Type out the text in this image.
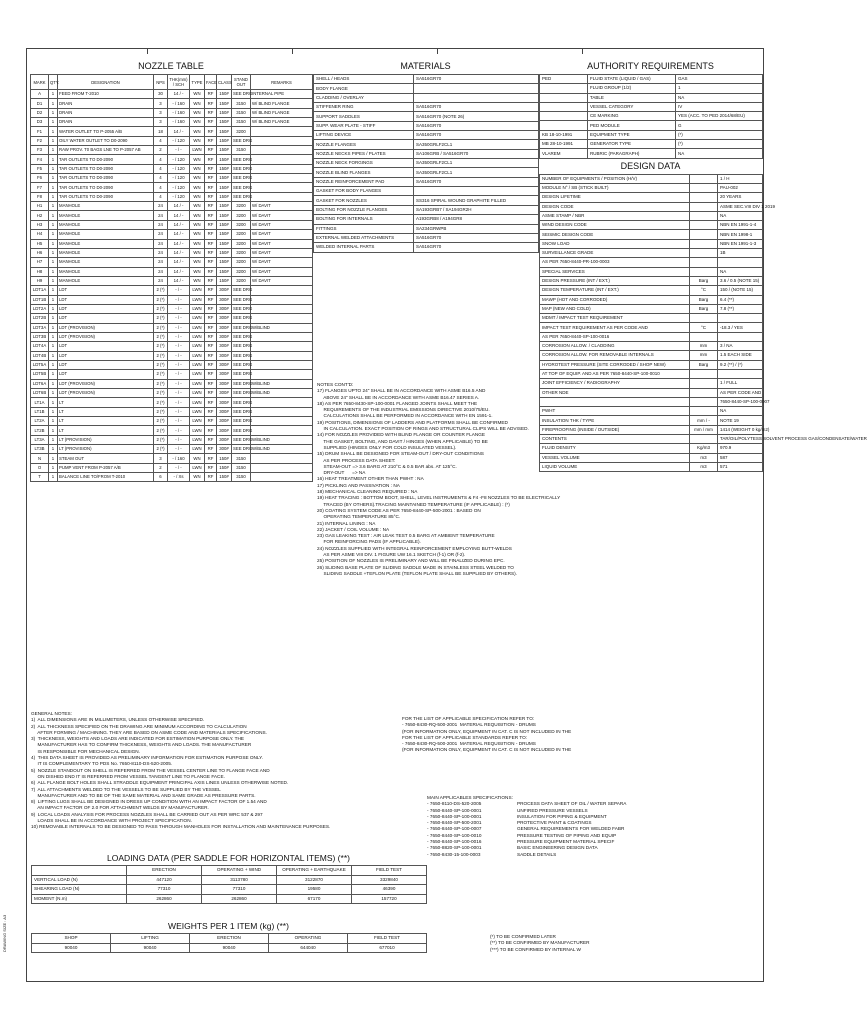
NOZZLE TABLE
MARK	QTY.	DESIGNATION	NPS	THK(mm) / SCH	TYPE	FACE	CLASS	STAND OUT	REMARKS
A	1	FEED FROM T-2010	30	14 / -	WN	RF	150#	SEE DRG	INTERNAL PIPE
D1	1	DRAIN	3	- / 160	WN	RF	150#	3150	W/ BLIND FLANGE
D2	1	DRAIN	3	- / 160	WN	RF	150#	3150	W/ BLIND FLANGE
D3	1	DRAIN	3	- / 160	WN	RF	150#	3150	W/ BLIND FLANGE
F1	1	WATER OUTLET TO P-2055 A/B	18	14 / -	WN	RF	150#	3200	
F2	1	OILY WATER OUTLET TO D0-2090	4	- / 120	WN	RF	150#	SEE DRG	
F3	1	RAW PROV. T0 BAGS LNE TO P-2057 AB	2	- / -	LWN	RF	150#	3150	
F4	1	TAR OUTLETS TO D0-2090	4	- / 120	WN	RF	150#	SEE DRG	
F5	1	TAR OUTLETS TO D0-2090	4	- / 120	WN	RF	150#	SEE DRG	
F6	1	TAR OUTLETS TO D0-2090	4	- / 120	WN	RF	150#	SEE DRG	
F7	1	TAR OUTLETS TO D0-2090	4	- / 120	WN	RF	150#	SEE DRG	
F8	1	TAR OUTLETS TO D0-2090	4	- / 120	WN	RF	150#	SEE DRG	
H1	1	MANHOLE	24	14 / -	WN	RF	150#	3200	W/ DAVIT
H2	1	MANHOLE	24	14 / -	WN	RF	150#	3200	W/ DAVIT
H3	1	MANHOLE	24	14 / -	WN	RF	150#	3200	W/ DAVIT
H4	1	MANHOLE	24	14 / -	WN	RF	150#	3200	W/ DAVIT
H5	1	MANHOLE	24	14 / -	WN	RF	150#	3200	W/ DAVIT
H6	1	MANHOLE	24	14 / -	WN	RF	150#	3200	W/ DAVIT
H7	1	MANHOLE	24	14 / -	WN	RF	150#	3200	W/ DAVIT
H8	1	MANHOLE	24	14 / -	WN	RF	150#	3200	W/ DAVIT
H9	1	MANHOLE	24	14 / -	WN	RF	150#	3200	W/ DAVIT
LDT1A	1	LDT	2 (*)	- / -	LWN	RF	300#	SEE DRG	
LDT1B	1	LDT	2 (*)	- / -	LWN	RF	300#	SEE DRG	
LDT2A	1	LDT	2 (*)	- / -	LWN	RF	300#	SEE DRG	
LDT2B	1	LDT	2 (*)	- / -	LWN	RF	300#	SEE DRG	
LDT3A	1	LDT (PROVISION)	2 (*)	- / -	LWN	RF	300#	SEE DRG	W/BLIND
LDT3B	1	LDT (PROVISION)	2 (*)	- / -	LWN	RF	300#	SEE DRG	
LDT4A	1	LDT	2 (*)	- / -	LWN	RF	300#	SEE DRG	
LDT4B	1	LDT	2 (*)	- / -	LWN	RF	300#	SEE DRG	
LDT5A	1	LDT	2 (*)	- / -	LWN	RF	300#	SEE DRG	
LDT5B	1	LDT	2 (*)	- / -	LWN	RF	300#	SEE DRG	
LDT6A	1	LDT (PROVISION)	2 (*)	- / -	LWN	RF	300#	SEE DRG	W/BLIND
LDT6B	1	LDT (PROVISION)	2 (*)	- / -	LWN	RF	300#	SEE DRG	W/BLIND
LT1A	1	LT	2 (*)	- / -	LWN	RF	300#	SEE DRG	
LT1B	1	LT	2 (*)	- / -	LWN	RF	300#	SEE DRG	
LT2A	1	LT	2 (*)	- / -	LWN	RF	300#	SEE DRG	
LT2B	1	LT	2 (*)	- / -	LWN	RF	300#	SEE DRG	
LT3A	1	LT (PROVISION)	2 (*)	- / -	LWN	RF	300#	SEE DRG	W/BLIND
LT3B	1	LT (PROVISION)	2 (*)	- / -	LWN	RF	300#	SEE DRG	W/BLIND
N	1	STEAM OUT	3	- / 160	WN	RF	150#	3150	
O	1	PUMP VENT FROM P-2057 A/B	2	- / -	LWN	RF	150#	3150	
T	1	BALANCE LINE TO/FROM T-2010	6	- / Xs	WN	RF	150#	3150	
MATERIALS
SHELL / HEADS	SA516GR70
BODY FLANGE	
CLADDING / OVERLAY	
STIFFENER RING	SA516GR70
SUPPORT SADDLES	SA516GR70 (NOTE 26)
SUPP. WEAR PLATE - STIFF	SA516GR70
LIFTING DEVICE	SA516GR70
NOZZLE FLANGES	SA350GRLF2CL1
NOZZLE NECKS PIPES / PLATES	SA106GRB / SA516GR70
NOZZLE NECK FORGINGS	SA350GRLF2CL1
NOZZLE BLIND FLANGES	SA350GRLF2CL1
NOZZLE REINFORCEMENT PAD	SA516GR70
GASKET FOR BODY FLANGES	
GASKET FOR NOZZLES	SS316 SPIRAL WOUND GRAPHITE FILLED
BOLTING FOR NOZZLE FLANGES	SA193GRB7 / SA194GR2H
BOLTING FOR INTERNALS	A193GRB8 / A194GR8
FITTINGS	SA234GRWPB
EXTERNAL WELDED ATTACHMENTS	SA516GR70
WELDED INTERNAL PARTS	SA516GR70
AUTHORITY REQUIREMENTS
PED	FLUID STATE (LIQUID / GAS)	GAS
	FLUID GROUP (1/2)	1
	TABLE	NA
	VESSEL CATEGORY	IV
	CE MARKING	YES (ACC. TO PED 2014/68/EU)
	PED MODULE	G
KB 18-10-1991	EQUIPMENT TYPE	(*)
MB 28-10-1991	GENERATOR TYPE	(*)
VLAREM	RUBRIC (PARAGRAPH)	NA
DESIGN DATA
NUMBER OF EQUIPMENTS / POSITION (H/V)		1 / H
MODULE N° / SB (STICK BUILT)		PAU-002
DESIGN LIFETIME		20 YEARS
DESIGN CODE		ASME SEC.VIII DIV 1 2019
ASME STAMP / NBR		NA
WIND DESIGN CODE		NBN EN 1991-1-4
SEISMIC DESIGN CODE		NBN EN 1998-1
SNOW LOAD		NBN EN 1991-1-3
SURVEILLANCE GRADE		1B
AS PER 7650-8440-PR-100-0003		
SPECIAL SERVICES		NA
DESIGN PRESSURE (INT / EXT.)	Barg	3.6 / 0.5 (NOTE 15)
DESIGN TEMPERATURE (INT / EXT.)	°C	150 / (NOTE 15)
MAWP (HOT AND CORRODED)	Barg	6.4 (**)
MAP (NEW AND COLD)	Barg	7.8 (**)
MDMT / IMPACT TEST REQUIREMENT		
IMPACT TEST REQUIREMENT AS PER CODE AND	°C	-18.3 / YES
AS PER 7650-8440-SP-100-0016		
CORROSION ALLOW. / CLADDING	mm	3 / NA
CORROSION ALLOW. FOR REMOVABLE INTERNALS	mm	1.5 EACH SIDE
HYDROTEST PRESSURE (SITE CORRODED / SHOP NEW)	Barg	9.2 (**) / (*)
AT TOP OF EQUIP. AND AS PER 7650-8440-SP-100-0010		
JOINT EFFICIENCY / RADIOGRAPHY		1 / FULL
OTHER NDE		AS PER CODE AND
		7650-8440-SP-100-0007
PWHT		NA
INSULATION THK / TYPE	mm / -	NOTE 19
FIREPROOFING (INSIDE / OUTSIDE)	mm / mm	1414 (WEIGHT 0 kg/m2)
CONTENTS		TAR/OIL/POLYTESS SOLVENT PROCESS GAS/CONDENSATE/WATER
FLUID DENSITY	Kg/m3	970.9
VESSEL VOLUME	m3	587
LIQUID VOLUME	m3	571
NOTES CONT'D:
17) FLANGES UPTO 24" SHALL BE IN ACCORDANCE WITH ASME B16.5 AND
ABOVE 24" SHALL BE IN ACCORDANCE WITH ASME B16.47 SERIES A.
18) AS PER 7650-8430-SP-100-0001 FLANGED JOINTS SHALL MEET THE
REQUIREMENTS OF THE INDUSTRIAL EMISSIONS DIRECTIVE 2010/75/EU.
CALCULATIONS SHALL BE PERFORMED IN ACCORDANCE WITH EN 1591-1.
19) POSITIONS, DIMENSIONS OF LADDERS AND PLATFORMS SHALL BE CONFIRMED
IN CALCULATION. EXACT POSITION OF RINGS AND STRUCTURAL CLIPS WILL BE ADVISED.
14) FOR NOZZLES PROVIDED WITH BLIND FLANGE OR COUNTER FLANGE
THE GASKET, BOLTING, AND DAVIT / HINGES (WHEN APPLICABLE) TO BE
SUPPLIED (HINGES ONLY FOR COLD INSULATED VESSEL).
15) DRUM SHALL BE DESIGNED FOR STEAM-OUT / DRY-OUT CONDITIONS
AS PER PROCESS DATA SHEET:
STEAM-OUT => 3.6 BARG AT 210°C & 0.5 BAR abs. AT 125°C.
DRY-OUT      => NA
16) HEAT TREATMENT OTHER THAN PWHT : NA
17) PICKLING AND PASSIVATION : NA
18) MECHANICAL CLEANING REQUIRED : NA
19) HEAT TRACING : BOTTOM BOOT, SHELL, LEVEL INSTRUMENTS & F4 -F8 NOZZLES TO BE ELECTRICALLY
TRACED (BY OTHERS).TRACING MAINTAINED TEMPERATURE (IF APPLICABLE) : (*)
20) COATING SYSTEM CODE AS PER 7650-8440-SP-500-2001 : BASED ON
OPERATING TEMPERATURE 85°C.
21) INTERNAL LINING : NA
22) JACKET / COIL VOLUME : NA
23) GAS LEAKING TEST : AIR LEAK TEST 0.5 BARG AT AMBIENT TEMPERATURE
FOR REINFORCING PADS (IF APPLICABLE).
24) NOZZLES SUPPLIED WITH INTEGRAL REINFORCEMENT EMPLOYING BUTT-WELDS
AS PER ASME VIII DIV. 1 FIGURE UW 16.1 SKETCH (f-1) OR (f-2).
25) POSITION OF NOZZLES IS PRELIMINARY AND WILL BE FINALIZED DURING EPC.
26) SLIDING BASE PLATE OF SLIDING SADDLE MADE IN STAINLESS STEEL WELDED TO
SLIDING SADDLE +TEFLON PLATE (TEFLON PLATE SHALL BE SUPPLIED BY OTHERS).
GENERAL NOTES:
1)  ALL DIMENSIONS ARE IN MILLIMETERS, UNLESS OTHERWISE SPECIFIED.
2)  ALL THICKNESS SPECIFIED ON THE DRAWING ARE MINIMUM ACCORDING TO CALCULATION
AFTER FORMING / MACHINING. THEY ARE BASED ON ASME CODE AND MATERIALS SPECIFICATIONS.
3)  THICKNESS, WEIGHTS AND LOADS ARE INDICATED FOR ESTIMATION PURPOSE ONLY. THE
MANUFACTURER HAS TO CONFIRM THICKNESS, WEIGHTS AND LOADS. THE MANUFACTURER
IS RESPONSIBLE FOR MECHANICAL DESIGN.
4)  THIS DATA SHEET IS PROVIDED AS PRELIMINARY INFORMATION FOR ESTIMATION PURPOSE ONLY.
IT IS COMPLEMENTARY TO PDS No. 7650-8110-DS-520-2005.
5)  NOZZLE STANDOUT ON SHELL IS REFERRED FROM THE VESSEL CENTER LINE TO FLANGE FACE AND
ON DISHED END IT IS REFERRED FROM VESSEL TANGENT LINE TO FLANGE FACE.
6)  ALL FLANGE BOLT HOLES SHALL STRADDLE EQUIPMENT PRINCIPAL AXIS LINES UNLESS OTHERWISE NOTED.
7)  ALL ATTACHMENTS WELDED TO THE VESSELS TO BE SUPPLIED BY THE VESSEL
MANUFACTURER AND TO BE OF THE SAME MATERIAL AND SAME GRADE AS PRESSURE PARTS.
8)  LIFTING LUGS SHALL BE DESIGNED IN DRESS UP CONDITION WITH AN IMPACT FACTOR OF 1.54 AND
AN IMPACT FACTOR OF 2.0 FOR ATTACHMENT WELDS BY MANUFACTURER.
9)  LOCAL LOADS ANALYSIS FOR PROCESS NOZZLES SHALL BE CARRIED OUT AS PER WRC 537 & 297
LOADS SHALL BE IN ACCORDANCE WITH PROJECT SPECIFICATION.
10) REMOVABLE INTERNALS TO BE DESIGNED TO PASS THROUGH MANHOLES FOR INSTALLATION AND MAINTENANCE PURPOSES.
FOR THE LIST OF APPLICABLE SPECIFICATION REFER TO:
- 7650-8430-RQ-500-2001  MATERIAL REQUISITION - DRUMS
(FOR INFORMATION ONLY, EQUIPMENT IN CAT. C IS NOT INCLUDED IN THE
FOR THE LIST OF APPLICABLE STANDARDS REFER TO:
- 7650-8430-RQ-500-2001  MATERIAL REQUISITION - DRUMS
(FOR INFORMATION ONLY, EQUIPMENT IN CAT. C IS NOT INCLUDED IN THE
MAIN APPLICABLES SPECIFICATIONS:
- 7650-8110-DS-520-2005	PROCESS DATA SHEET OF OIL / WATER SEPARA
- 7650-8440-SP-100-0001	UNFIRED PRESSURE VESSELS
- 7650-8440-SP-100-0001	INSULATION FOR PIPING & EQUIPMENT
- 7650-8440-SP-500-2001	PROTECTIVE PAINT & COATINGS
- 7650-8440-SP-100-0007	GENERAL REQUIREMENTS FOR WELDED FABR
- 7650-8440-SP-100-0010	PRESSURE TESTING OF PIPING AND EQUIP
- 7650-8440-SP-100-0016	PRESSURE EQUIPMENT MATERIAL SPECIF
- 7650-8820-SP-100-0001	BASIC ENGINEERING DESIGN DATA
- 7650-8430-15-100-0003	SADDLE DETAILS
LOADING DATA (PER SADDLE FOR HORIZONTAL ITEMS) (**)
	ERECTION	OPERATING + WIND	OPERATING + EARTHQUAKE	FIELD TEST
VERTICAL LOAD (N)	447120	3113780	3122870	3329840
SHEARING LOAD (N)	77310	77310	19580	46390
MOMENT (N.m)	262860	262860	67170	157720
WEIGHTS PER 1 ITEM (kg) (**)
SHOP	LIFTING	ERECTION	OPERATING	FIELD TEST
90040	90040	90040	644040	677010
(*) TO BE CONFIRMED LATER
(**) TO BE CONFIRMED BY MANUFACTURER
(***) TO BE CONFIRMED BY INTERNAL W
DRAWING SIZE : A3
